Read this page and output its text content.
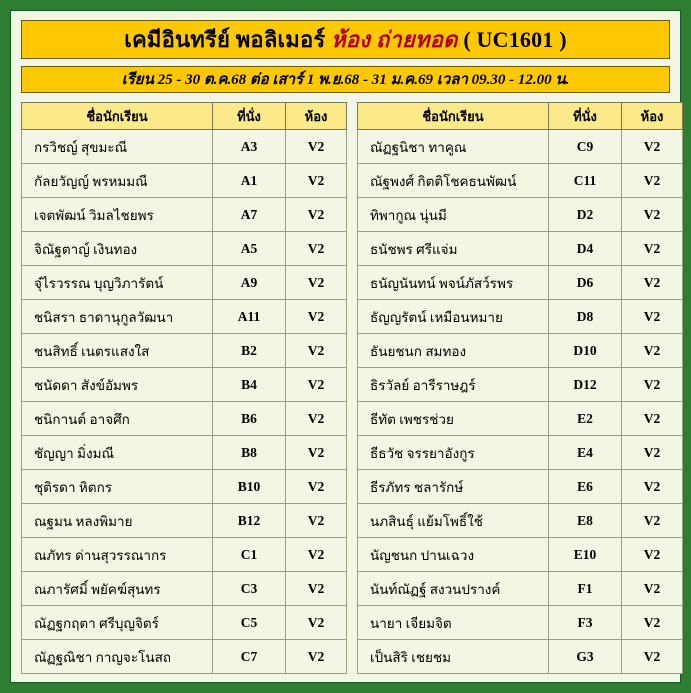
เคมีอินทรีย์ พอลิเมอร์ ห้อง ถ่ายทอด ( UC1601 )
เรียน 25 - 30 ต.ค.68 ต่อ เสาร์ 1 พ.ย.68 - 31 ม.ค.69 เวลา 09.30 - 12.00 น.
ชื่อนักเรียน	ที่นั่ง	ห้อง
กรวิชญ์ สุขมะณี	A3	V2
กัลยวัญญ์ พรหมมณี	A1	V2
เจตพัฒน์ วิมลไชยพร	A7	V2
จิณัฐตาญ์ เงินทอง	A5	V2
จุ๋ไรวรรณ บุญวิภารัตน์	A9	V2
ชนิสรา ธาดานุกูลวัฒนา	A11	V2
ชนสิทธิ์ เนตรแสงใส	B2	V2
ชนัดดา สังข์อัมพร	B4	V2
ชนิกานต์ อาจศึก	B6	V2
ชัญญา มิ่งมณี	B8	V2
ชุติรดา หิตกร	B10	V2
ณฐมน หลงพิมาย	B12	V2
ณภัทร ด่านสุวรรณากร	C1	V2
ณภารัศมิ์ พยัคฆ์สุนทร	C3	V2
ณัฏฐกฤตา ศรีบุญจิตร์	C5	V2
ณัฏฐณิชา กาญจะโนสถ	C7	V2
ชื่อนักเรียน	ที่นั่ง	ห้อง
ณัฏฐนิชา ทาคูณ	C9	V2
ณัฐพงศ์ กิตติโชคธนพัฒน์	C11	V2
ทิพากูณ นุ่นมี	D2	V2
ธนัชพร ศรีแจ่ม	D4	V2
ธนัญนันทน์ พจน์ภัสว์รพร	D6	V2
ธัญญรัตน์ เหมือนหมาย	D8	V2
ธันยชนก สมทอง	D10	V2
ธิรวัลย์ อารีราษฎร์	D12	V2
ธีทัต เพชรช่วย	E2	V2
ธีธวัช จรรยาอังกูร	E4	V2
ธีรภัทร ชลารักษ์	E6	V2
นภสินธุ์ แย้มโพธิ์ใช้	E8	V2
นัญชนก ปานเฉวง	E10	V2
นันท์ณัฏฐ์ สงวนปรางค์	F1	V2
นายา เจียมจิต	F3	V2
เป็นสิริ เชยชม	G3	V2
